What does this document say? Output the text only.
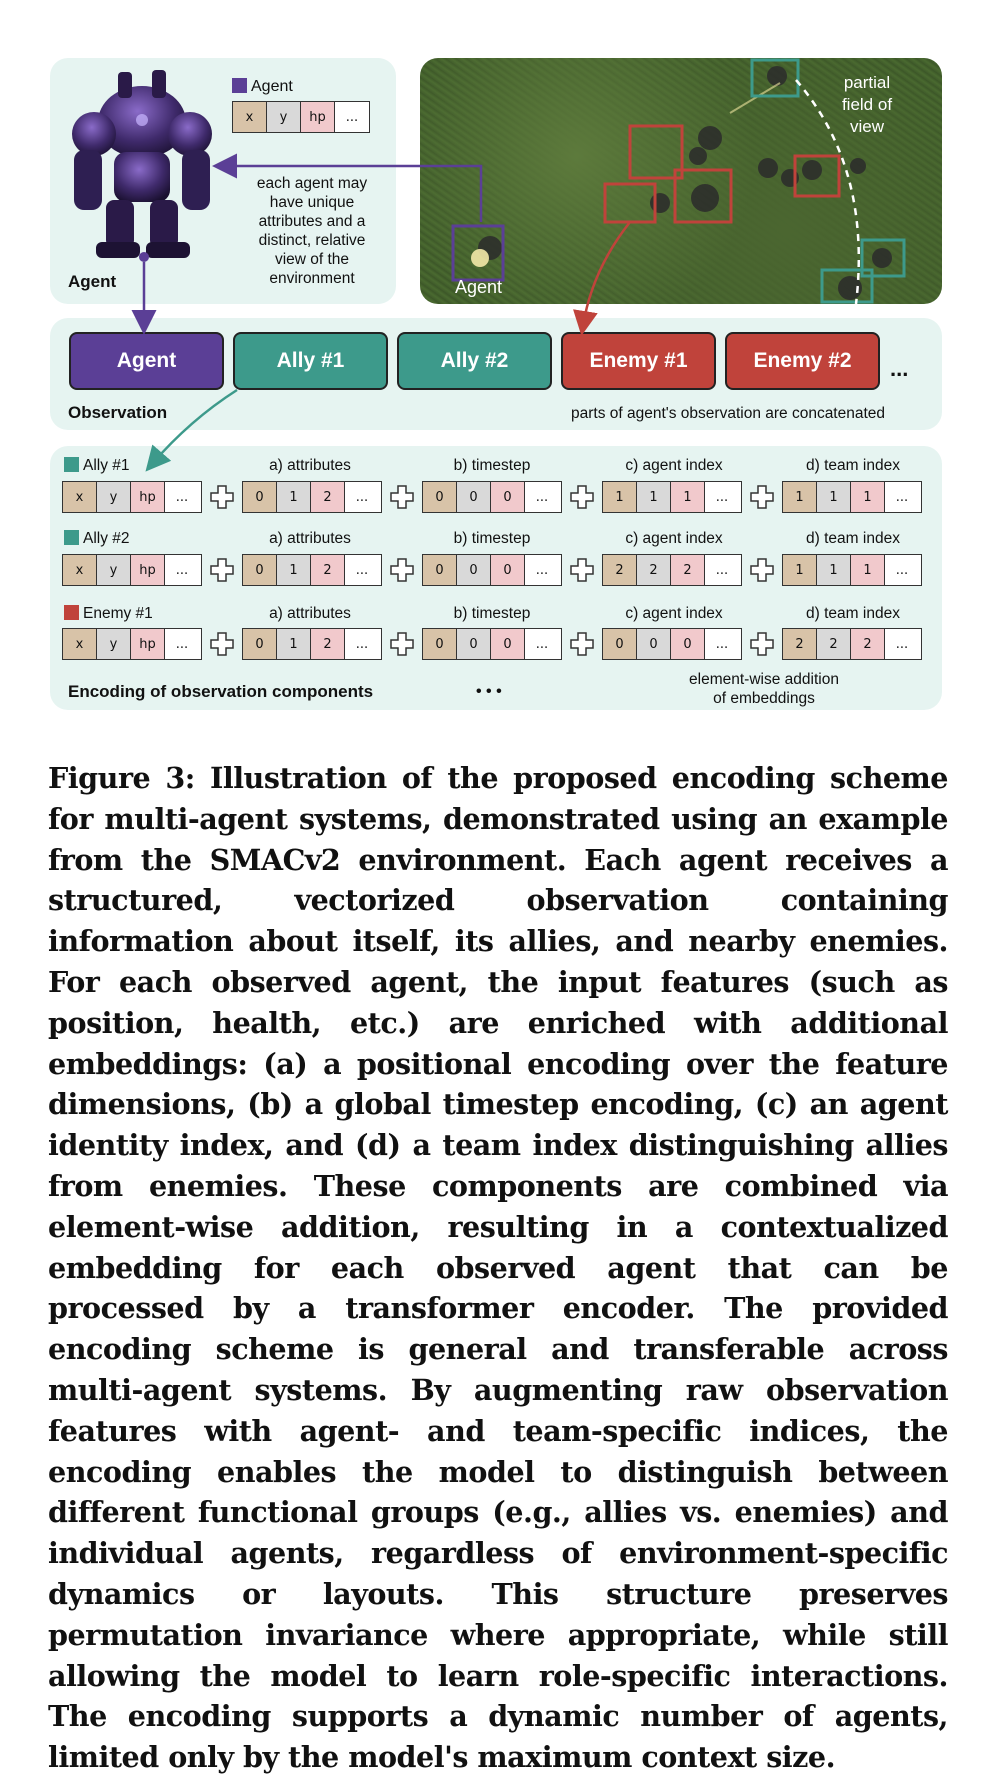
Agent
Agent
x	y	hp	...
each agent may
have unique
attributes and a
distinct, relative
view of the
environment
partial
field of
view
Agent
Agent	Ally #1	Ally #2	Enemy #1	Enemy #2	...
Observation	parts of agent's observation are concatenated
Ally #1
Ally #2
Enemy #1
a) attributes	b) timestep	c) agent index	d) team index
a) attributes	b) timestep	c) agent index	d) team index
a) attributes	b) timestep	c) agent index	d) team index
x	y	hp	...	0	1	2	...	0	0	0	...	1	1	1	...	1	1	1	...
x	y	hp	...	0	1	2	...	0	0	0	...	2	2	2	...	1	1	1	...
x	y	hp	...	0	1	2	...	0	0	0	...	0	0	0	...	2	2	2	...
Encoding of observation components	• • •
element-wise addition
of embeddings
Figure 3: Illustration of the proposed encoding scheme for multi-agent systems, demonstrated using an example from the SMACv2 environment. Each agent receives a structured, vectorized observation containing information about itself, its allies, and nearby enemies. For each observed agent, the input features (such as position, health, etc.) are enriched with additional embeddings: (a) a positional encoding over the feature dimensions, (b) a global timestep encoding, (c) an agent identity index, and (d) a team index distinguishing allies from enemies. These components are combined via element-wise addition, resulting in a contextualized embedding for each observed agent that can be processed by a transformer encoder. The provided encoding scheme is general and transferable across multi-agent systems. By augmenting raw observation features with agent- and team-specific indices, the encoding enables the model to distinguish between different functional groups (e.g., allies vs. enemies) and individual agents, regardless of environment-specific dynamics or layouts. This structure preserves permutation invariance where appropriate, while still allowing the model to learn role-specific interactions. The encoding supports a dynamic number of agents, limited only by the model's maximum context size.
